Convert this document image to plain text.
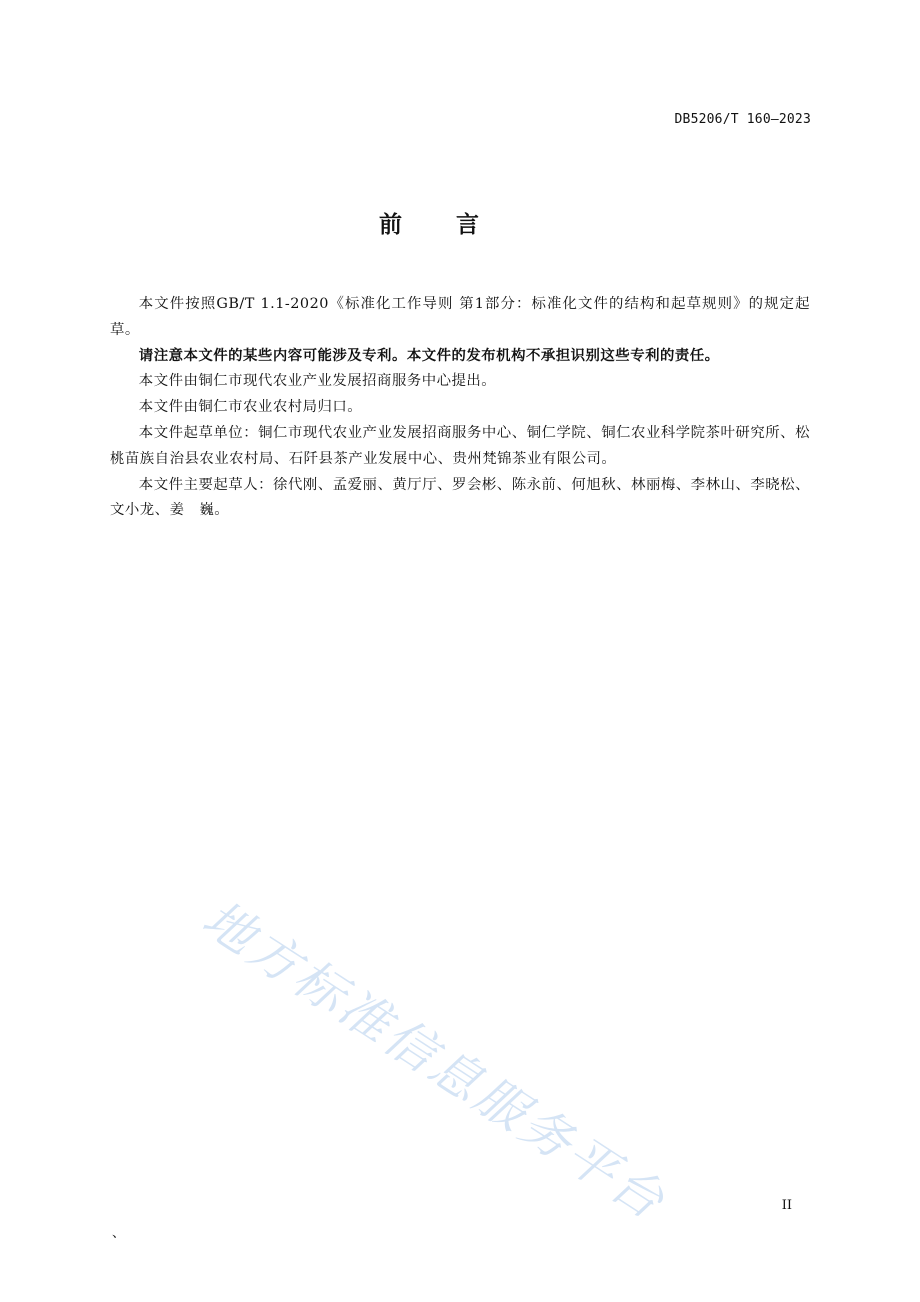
DB5206/T 160—2023
前 言

本文件按照GB/T 1.1-2020《标准化工作导则 第1部分：标准化文件的结构和起草规则》的规定起草。

请注意本文件的某些内容可能涉及专利。本文件的发布机构不承担识别这些专利的责任。

本文件由铜仁市现代农业产业发展招商服务中心提出。

本文件由铜仁市农业农村局归口。

本文件起草单位：铜仁市现代农业产业发展招商服务中心、铜仁学院、铜仁农业科学院茶叶研究所、松桃苗族自治县农业农村局、石阡县茶产业发展中心、贵州梵锦茶业有限公司。

本文件主要起草人：徐代刚、孟爱丽、黄厅厅、罗会彬、陈永前、何旭秋、林丽梅、李林山、李晓松、文小龙、姜　巍。

地方标准信息服务平台	II
、
